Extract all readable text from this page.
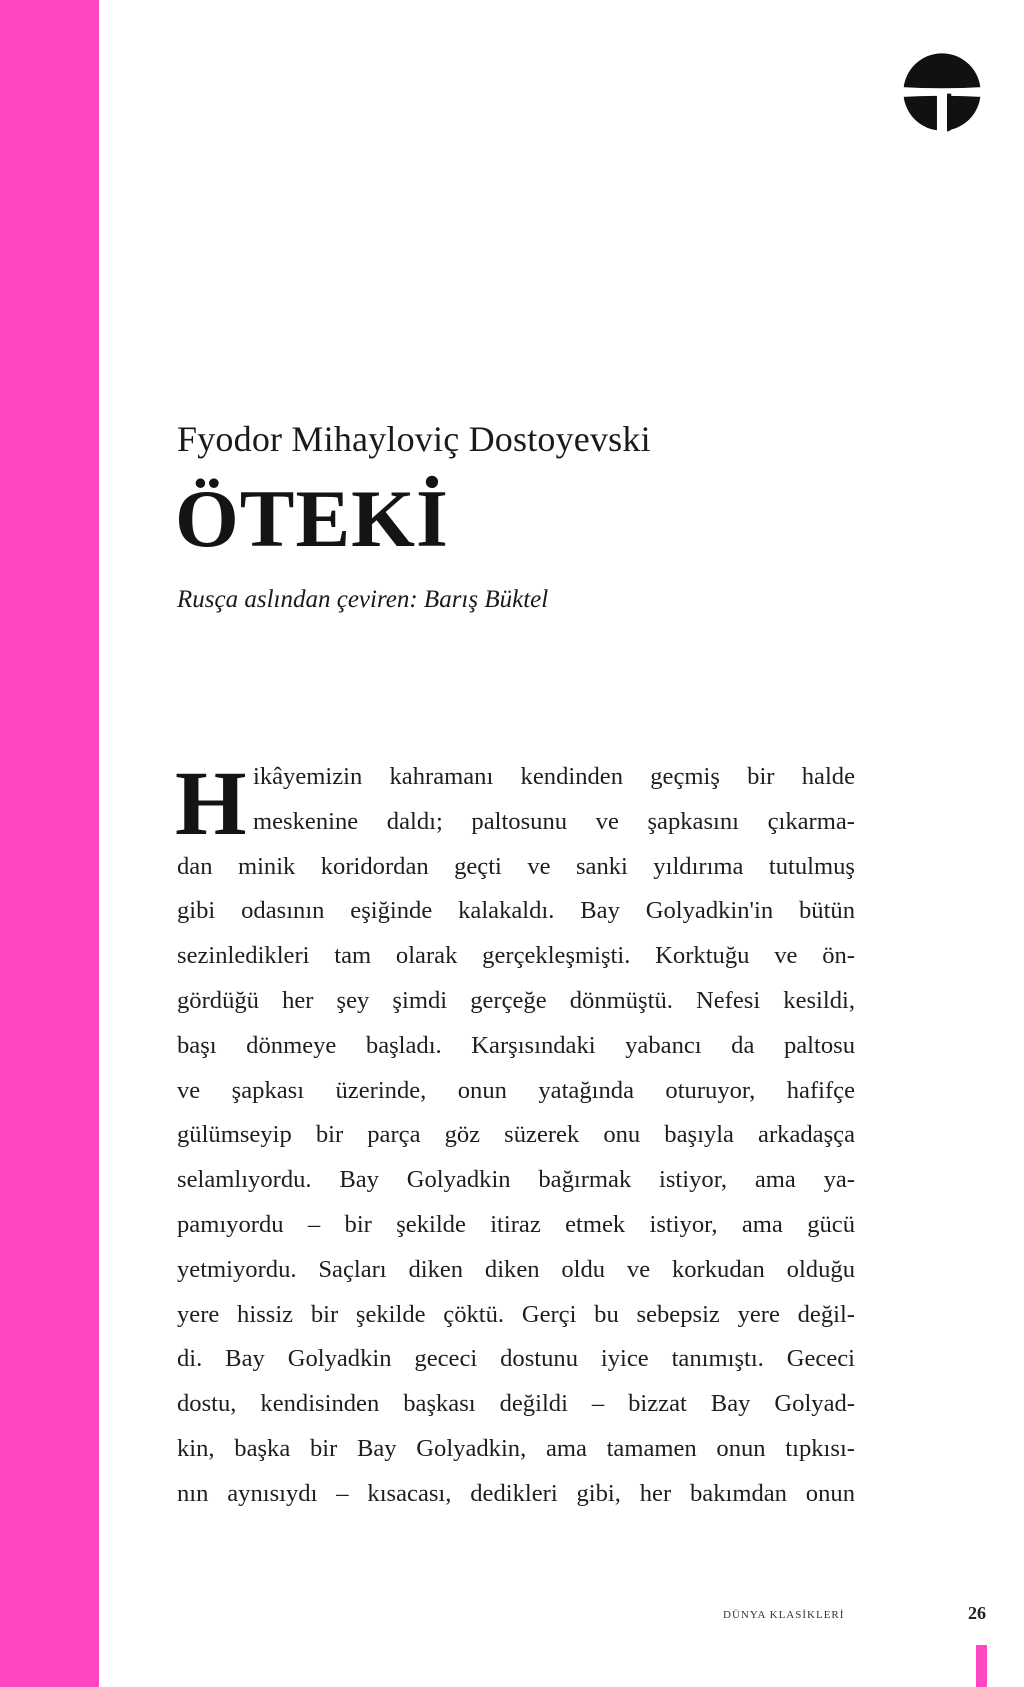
Fyodor Mihayloviç Dostoyevski
ÖTEKİ
Rusça aslından çeviren: Barış Büktel
H ikâyemizin kahramanı kendinden geçmiş bir halde
meskenine daldı; paltosunu ve şapkasını çıkarma-
dan minik koridordan geçti ve sanki yıldırıma tutulmuş
gibi odasının eşiğinde kalakaldı. Bay Golyadkin'in bütün
sezinledikleri tam olarak gerçekleşmişti. Korktuğu ve ön-
gördüğü her şey şimdi gerçeğe dönmüştü. Nefesi kesildi,
başı dönmeye başladı. Karşısındaki yabancı da paltosu
ve şapkası üzerinde, onun yatağında oturuyor, hafifçe
gülümseyip bir parça göz süzerek onu başıyla arkadaşça
selamlıyordu. Bay Golyadkin bağırmak istiyor, ama ya-
pamıyordu – bir şekilde itiraz etmek istiyor, ama gücü
yetmiyordu. Saçları diken diken oldu ve korkudan olduğu
yere hissiz bir şekilde çöktü. Gerçi bu sebepsiz yere değil-
di. Bay Golyadkin gececi dostunu iyice tanımıştı. Gececi
dostu, kendisinden başkası değildi – bizzat Bay Golyad-
kin, başka bir Bay Golyadkin, ama tamamen onun tıpkısı-
nın aynısıydı – kısacası, dedikleri gibi, her bakımdan onun
DÜNYA KLASİKLERİ	26
